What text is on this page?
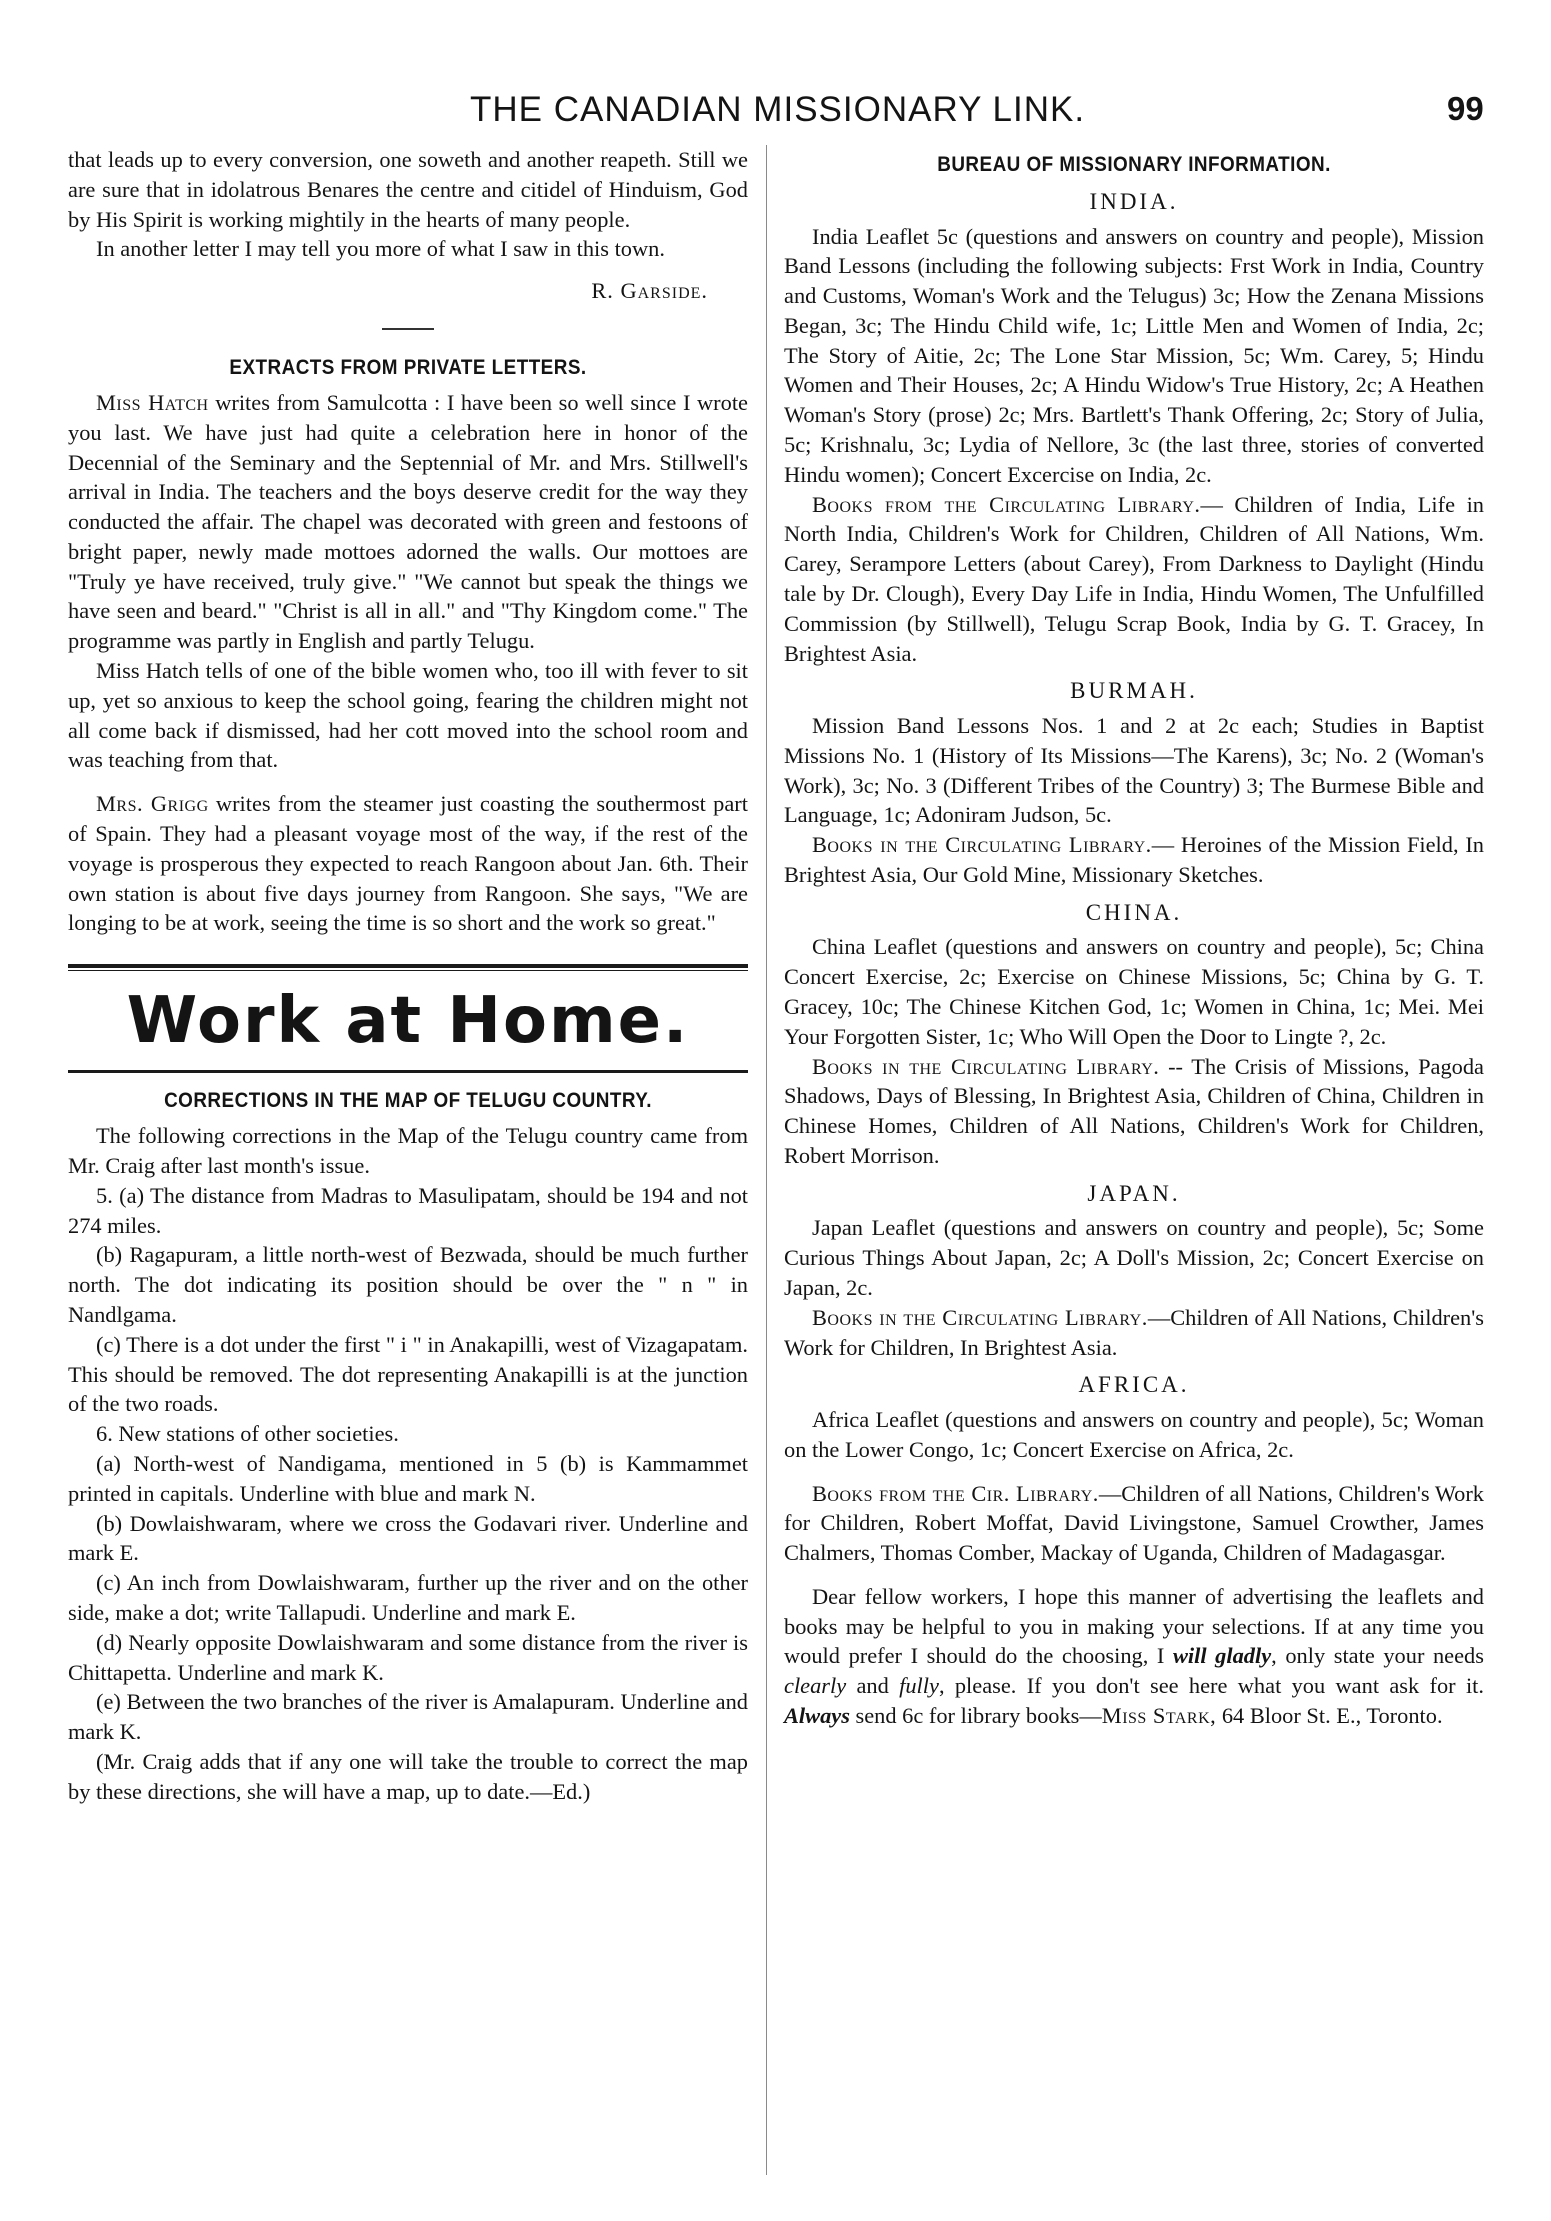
THE CANADIAN MISSIONARY LINK.	99

that leads up to every conversion, one soweth and another reapeth. Still we are sure that in idolatrous Benares the centre and citidel of Hinduism, God by His Spirit is working mightily in the hearts of many people.

In another letter I may tell you more of what I saw in this town.

R. Garside.

EXTRACTS FROM PRIVATE LETTERS.

Miss Hatch writes from Samulcotta : I have been so well since I wrote you last. We have just had quite a celebration here in honor of the Decennial of the Seminary and the Septennial of Mr. and Mrs. Stillwell's arrival in India. The teachers and the boys deserve credit for the way they conducted the affair. The chapel was decorated with green and festoons of bright paper, newly made mottoes adorned the walls. Our mottoes are "Truly ye have received, truly give." "We cannot but speak the things we have seen and beard." "Christ is all in all." and "Thy Kingdom come." The programme was partly in English and partly Telugu.

Miss Hatch tells of one of the bible women who, too ill with fever to sit up, yet so anxious to keep the school going, fearing the children might not all come back if dismissed, had her cott moved into the school room and was teaching from that.

Mrs. Grigg writes from the steamer just coasting the southermost part of Spain. They had a pleasant voyage most of the way, if the rest of the voyage is prosperous they expected to reach Rangoon about Jan. 6th. Their own station is about five days journey from Rangoon. She says, "We are longing to be at work, seeing the time is so short and the work so great."

Work at Home.
CORRECTIONS IN THE MAP OF TELUGU COUNTRY.

The following corrections in the Map of the Telugu country came from Mr. Craig after last month's issue.

5. (a) The distance from Madras to Masulipatam, should be 194 and not 274 miles.

(b) Ragapuram, a little north-west of Bezwada, should be much further north. The dot indicating its position should be over the " n " in Nandlgama.

(c) There is a dot under the first " i " in Anakapilli, west of Vizagapatam. This should be removed. The dot representing Anakapilli is at the junction of the two roads.

6. New stations of other societies.

(a) North-west of Nandigama, mentioned in 5 (b) is Kammammet printed in capitals. Underline with blue and mark N.

(b) Dowlaishwaram, where we cross the Godavari river. Underline and mark E.

(c) An inch from Dowlaishwaram, further up the river and on the other side, make a dot; write Tallapudi. Underline and mark E.

(d) Nearly opposite Dowlaishwaram and some distance from the river is Chittapetta. Underline and mark K.

(e) Between the two branches of the river is Amalapuram. Underline and mark K.

(Mr. Craig adds that if any one will take the trouble to correct the map by these directions, she will have a map, up to date.—Ed.)

BUREAU OF MISSIONARY INFORMATION.
INDIA.

India Leaflet 5c (questions and answers on country and people), Mission Band Lessons (including the following subjects: Frst Work in India, Country and Customs, Woman's Work and the Telugus) 3c; How the Zenana Missions Began, 3c; The Hindu Child wife, 1c; Little Men and Women of India, 2c; The Story of Aitie, 2c; The Lone Star Mission, 5c; Wm. Carey, 5; Hindu Women and Their Houses, 2c; A Hindu Widow's True History, 2c; A Heathen Woman's Story (prose) 2c; Mrs. Bartlett's Thank Offering, 2c; Story of Julia, 5c; Krishnalu, 3c; Lydia of Nellore, 3c (the last three, stories of converted Hindu women); Concert Excercise on India, 2c.

Books from the Circulating Library.— Children of India, Life in North India, Children's Work for Children, Children of All Nations, Wm. Carey, Serampore Letters (about Carey), From Darkness to Daylight (Hindu tale by Dr. Clough), Every Day Life in India, Hindu Women, The Unfulfilled Commission (by Stillwell), Telugu Scrap Book, India by G. T. Gracey, In Brightest Asia.

BURMAH.

Mission Band Lessons Nos. 1 and 2 at 2c each; Studies in Baptist Missions No. 1 (History of Its Missions—The Karens), 3c; No. 2 (Woman's Work), 3c; No. 3 (Different Tribes of the Country) 3; The Burmese Bible and Language, 1c; Adoniram Judson, 5c.

Books in the Circulating Library.— Heroines of the Mission Field, In Brightest Asia, Our Gold Mine, Missionary Sketches.

CHINA.

China Leaflet (questions and answers on country and people), 5c; China Concert Exercise, 2c; Exercise on Chinese Missions, 5c; China by G. T. Gracey, 10c; The Chinese Kitchen God, 1c; Women in China, 1c; Mei. Mei Your Forgotten Sister, 1c; Who Will Open the Door to Lingte ?, 2c.

Books in the Circulating Library. -- The Crisis of Missions, Pagoda Shadows, Days of Blessing, In Brightest Asia, Children of China, Children in Chinese Homes, Children of All Nations, Children's Work for Children, Robert Morrison.

JAPAN.

Japan Leaflet (questions and answers on country and people), 5c; Some Curious Things About Japan, 2c; A Doll's Mission, 2c; Concert Exercise on Japan, 2c.

Books in the Circulating Library.—Children of All Nations, Children's Work for Children, In Brightest Asia.

AFRICA.

Africa Leaflet (questions and answers on country and people), 5c; Woman on the Lower Congo, 1c; Concert Exercise on Africa, 2c.

Books from the Cir. Library.—Children of all Nations, Children's Work for Children, Robert Moffat, David Livingstone, Samuel Crowther, James Chalmers, Thomas Comber, Mackay of Uganda, Children of Madagasgar.

Dear fellow workers, I hope this manner of advertising the leaflets and books may be helpful to you in making your selections. If at any time you would prefer I should do the choosing, I will gladly, only state your needs clearly and fully, please. If you don't see here what you want ask for it. Always send 6c for library books—Miss Stark, 64 Bloor St. E., Toronto.
